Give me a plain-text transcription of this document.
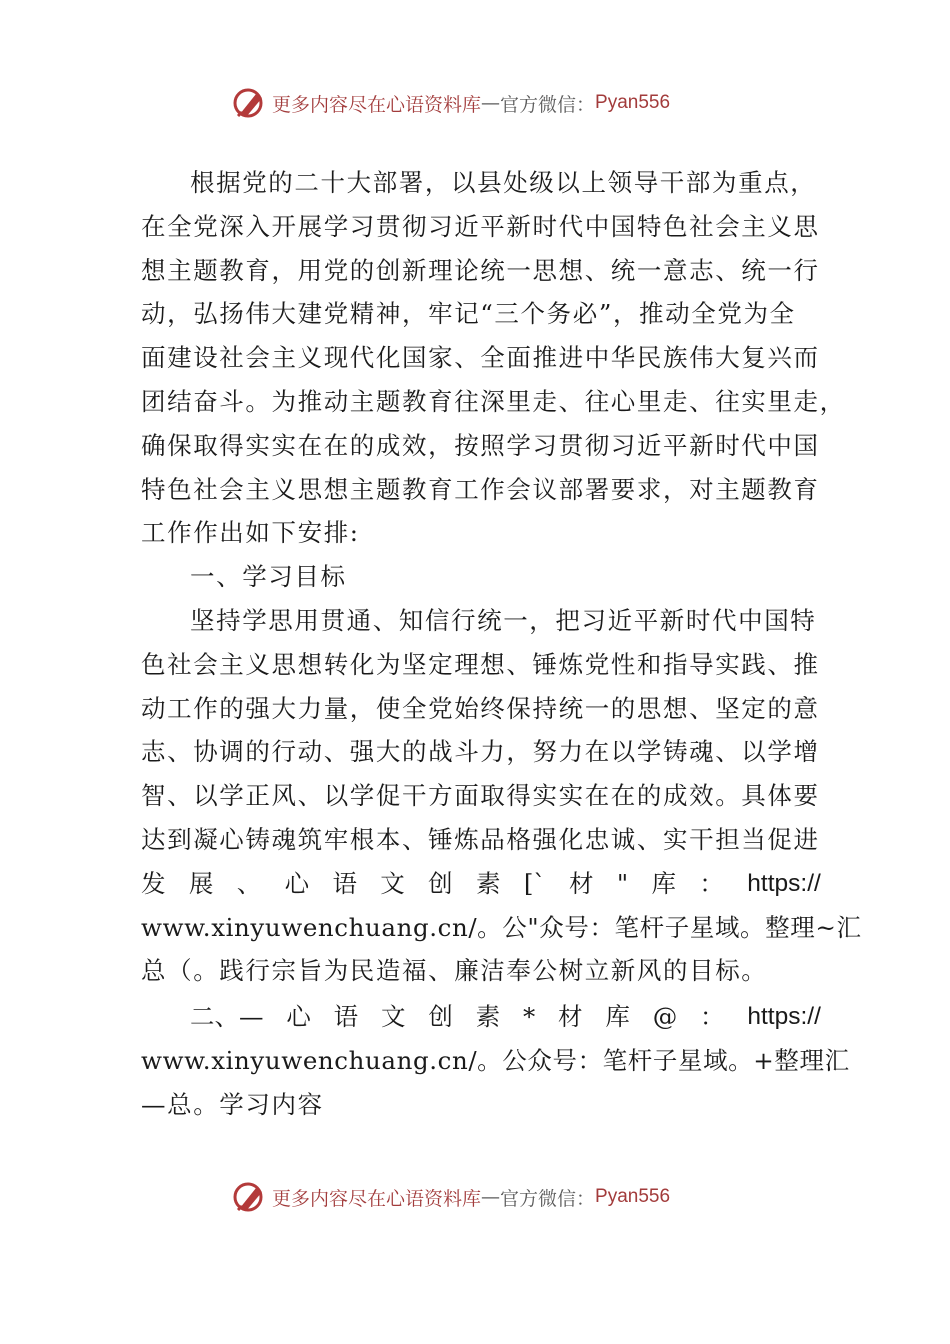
更多内容尽在心语资料库 — 官方微信： Pyan556
根据党的二十大部署，以县处级以上领导干部为重点，
在全党深入开展学习贯彻习近平新时代中国特色社会主义思
想主题教育，用党的创新理论统一思想、统一意志、统一行
动，弘扬伟大建党精神，牢记“三个务必”，推动全党为全
面建设社会主义现代化国家、全面推进中华民族伟大复兴而
团结奋斗。为推动主题教育往深里走、往心里走、往实里走，
确保取得实实在在的成效，按照学习贯彻习近平新时代中国
特色社会主义思想主题教育工作会议部署要求，对主题教育
工作作出如下安排:
一、学习目标
坚持学思用贯通、知信行统一，把习近平新时代中国特
色社会主义思想转化为坚定理想、锤炼党性和指导实践、推
动工作的强大力量，使全党始终保持统一的思想、坚定的意
志、协调的行动、强大的战斗力，努力在以学铸魂、以学增
智、以学正风、以学促干方面取得实实在在的成效。具体要
达到凝心铸魂筑牢根本、锤炼品格强化忠诚、实干担当促进
发 展 、 心 语 文 创 素 [` 材 " 库 ： https://
www.xinyuwenchuang.cn/。公"众号：笔杆子星域。整理~汇
总（。践行宗旨为民造福、廉洁奉公树立新风的目标。
二、— 心 语 文 创 素 * 材 库 @ ： https://
www.xinyuwenchuang.cn/。公众号：笔杆子星域。+整理汇
—总。学习内容
更多内容尽在心语资料库 — 官方微信： Pyan556
